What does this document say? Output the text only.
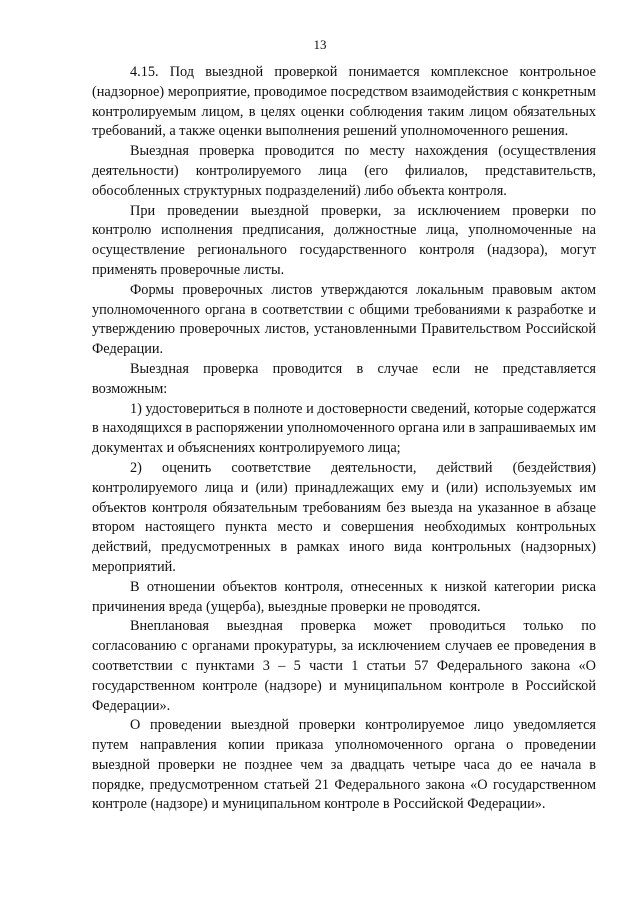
13

4.15. Под выездной проверкой понимается комплексное контрольное (надзорное) мероприятие, проводимое посредством взаимодействия с конкретным контролируемым лицом, в целях оценки соблюдения таким лицом обязательных требований, а также оценки выполнения решений уполномоченного решения.

Выездная проверка проводится по месту нахождения (осуществления деятельности) контролируемого лица (его филиалов, представительств, обособленных структурных подразделений) либо объекта контроля.

При проведении выездной проверки, за исключением проверки по контролю исполнения предписания, должностные лица, уполномоченные на осуществление регионального государственного контроля (надзора), могут применять проверочные листы.

Формы проверочных листов утверждаются локальным правовым актом уполномоченного органа в соответствии с общими требованиями к разработке и утверждению проверочных листов, установленными Правительством Российской Федерации.

Выездная проверка проводится в случае если не представляется возможным:

1) удостовериться в полноте и достоверности сведений, которые содержатся в находящихся в распоряжении уполномоченного органа или в запрашиваемых им документах и объяснениях контролируемого лица;

2) оценить соответствие деятельности, действий (бездействия) контролируемого лица и (или) принадлежащих ему и (или) используемых им объектов контроля обязательным требованиям без выезда на указанное в абзаце втором настоящего пункта место и совершения необходимых контрольных действий, предусмотренных в рамках иного вида контрольных (надзорных) мероприятий.

В отношении объектов контроля, отнесенных к низкой категории риска причинения вреда (ущерба), выездные проверки не проводятся.

Внеплановая выездная проверка может проводиться только по согласованию с органами прокуратуры, за исключением случаев ее проведения в соответствии с пунктами 3 – 5 части 1 статьи 57 Федерального закона «О государственном контроле (надзоре) и муниципальном контроле в Российской Федерации».

О проведении выездной проверки контролируемое лицо уведомляется путем направления копии приказа уполномоченного органа о проведении выездной проверки не позднее чем за двадцать четыре часа до ее начала в порядке, предусмотренном статьей 21 Федерального закона «О государственном контроле (надзоре) и муниципальном контроле в Российской Федерации».
